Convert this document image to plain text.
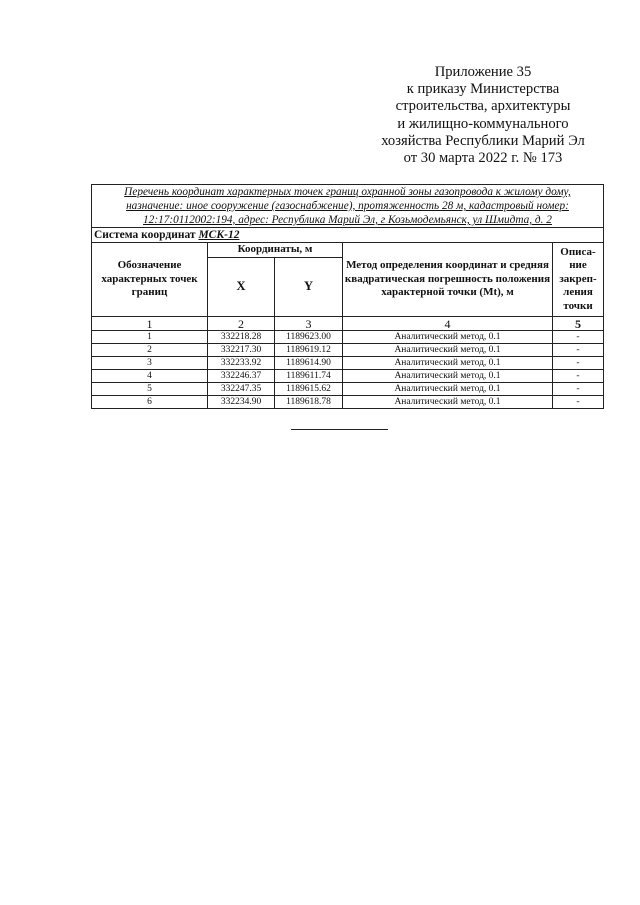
Приложение 35
к приказу Министерства
строительства, архитектуры
и жилищно-коммунального
хозяйства Республики Марий Эл
от 30 марта 2022 г. № 173
Перечень координат характерных точек границ охранной зоны газопровода к жилому дому,
назначение: иное сооружение (газоснабжение), протяженность 28 м, кадастровый номер:
12:17:0112002:194, адрес: Республика Марий Эл, г Козьмодемьянск, ул Шмидта, д. 2				

Система координат МСК-12				
Обозначение характерных точек границ	Координаты, м		Метод определения координат и средняя квадратическая погрешность положения характерной точки (Mt), м	Описа-ние закреп-ления точки
	X	Y		
1	2	3	4	5
1	332218.28	1189623.00	Аналитический метод, 0.1	-
2	332217.30	1189619.12	Аналитический метод, 0.1	-
3	332233.92	1189614.90	Аналитический метод, 0.1	-
4	332246.37	1189611.74	Аналитический метод, 0.1	-
5	332247.35	1189615.62	Аналитический метод, 0.1	-
6	332234.90	1189618.78	Аналитический метод, 0.1	-
